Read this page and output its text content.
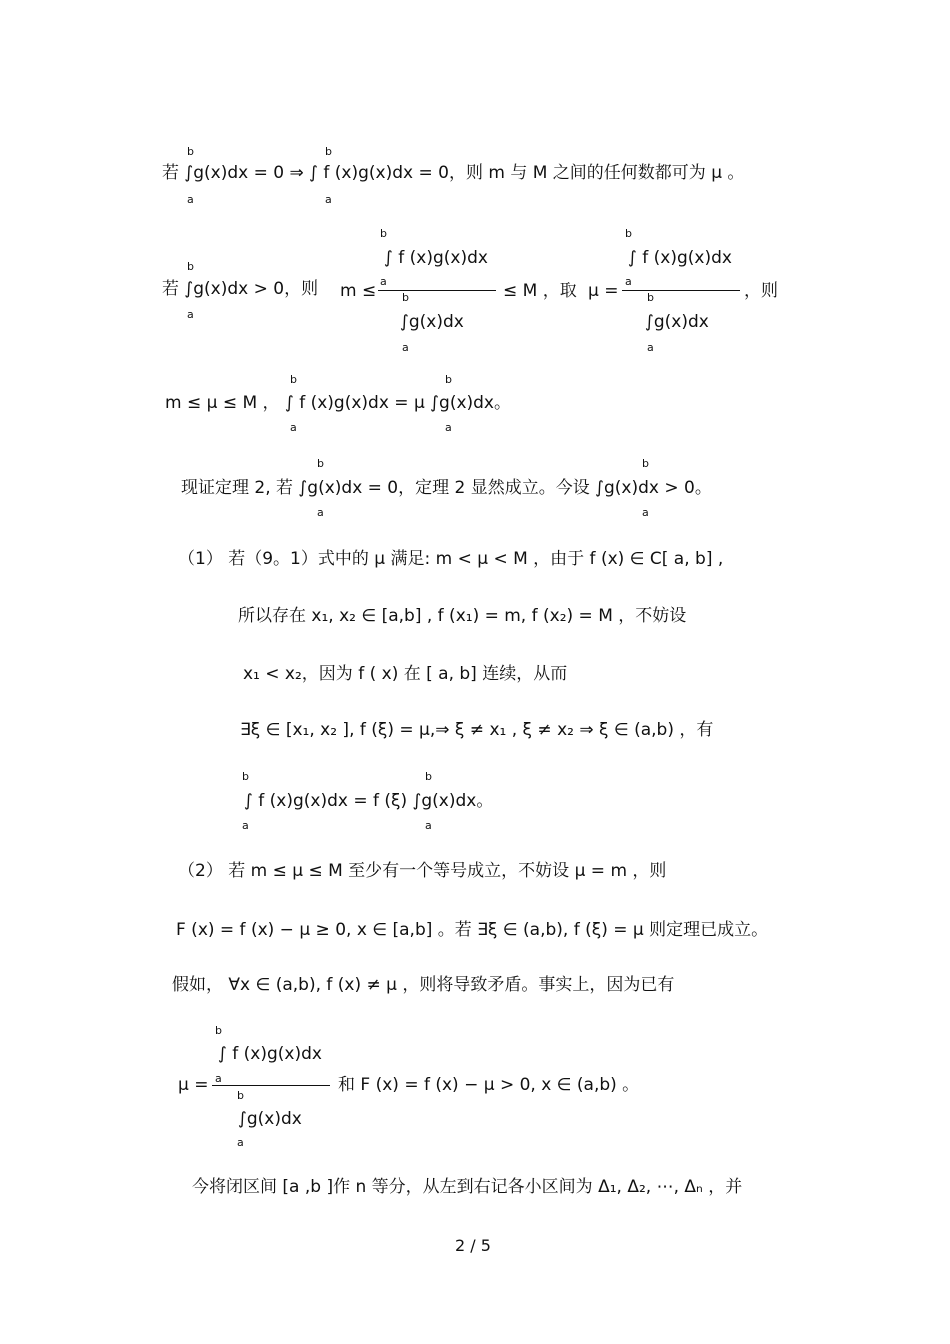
b
a
b
a
若 ∫g(x)dx = 0 ⇒ ∫ f (x)g(x)dx = 0，则 m 与 M 之间的任何数都可为 μ 。
若 ∫g(x)dx > 0，则
b
a
m ≤
b
∫ f (x)g(x)dx
a
b
∫g(x)dx
a
≤ M ，取 μ =
b
∫ f (x)g(x)dx
a
b
∫g(x)dx
a
，则
b
a
b
a
m ≤ μ ≤ M ， ∫ f (x)g(x)dx = μ ∫g(x)dx。
b
a
b
a
现证定理 2, 若 ∫g(x)dx = 0，定理 2 显然成立。今设 ∫g(x)dx > 0。
（1） 若（9。1）式中的 μ 满足: m < μ < M ，由于 f (x) ∈ C[ a, b] ,
所以存在 x₁, x₂ ∈ [a,b] , f (x₁) = m, f (x₂) = M ，不妨设
x₁ < x₂，因为 f ( x) 在 [ a, b] 连续，从而
∃ξ ∈ [x₁, x₂ ], f (ξ) = μ,⇒ ξ ≠ x₁ , ξ ≠ x₂ ⇒ ξ ∈ (a,b) ，有
b
a
b
a
∫ f (x)g(x)dx = f (ξ) ∫g(x)dx。
（2） 若 m ≤ μ ≤ M 至少有一个等号成立，不妨设 μ = m ，则
F (x) = f (x) − μ ≥ 0, x ∈ [a,b] 。若 ∃ξ ∈ (a,b), f (ξ) = μ 则定理已成立。
假如， ∀x ∈ (a,b), f (x) ≠ μ ，则将导致矛盾。事实上，因为已有
μ =
b
∫ f (x)g(x)dx
a
b
∫g(x)dx
a
和 F (x) = f (x) − μ > 0, x ∈ (a,b) 。
今将闭区间 [a ,b ]作 n 等分，从左到右记各小区间为 Δ₁, Δ₂, ⋯, Δₙ ，并
2 / 5
